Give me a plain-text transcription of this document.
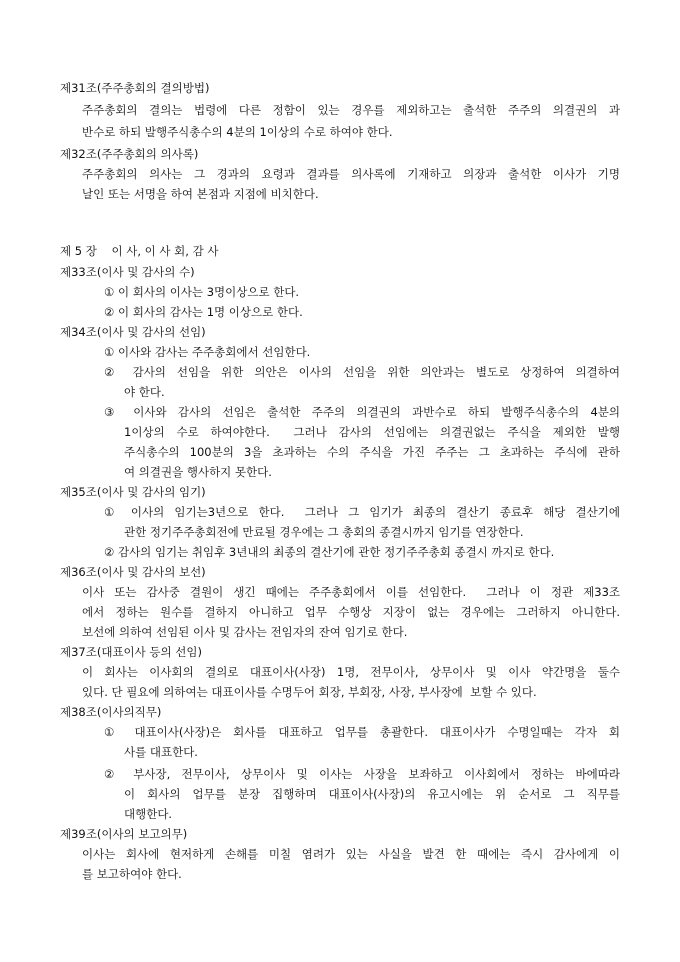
제31조(주주총회의 결의방법)
주주총회의 결의는 법령에 다른 정함이 있는 경우를 제외하고는 출석한 주주의 의결권의 과
반수로 하되 발행주식총수의 4분의 1이상의 수로 하여야 한다.
제32조(주주총회의 의사록)
주주총회의 의사는 그 경과의 요령과 결과를 의사록에 기재하고 의장과 출석한 이사가 기명
날인 또는 서명을 하여 본점과 지점에 비치한다.
제 5 장    이 사, 이 사 회, 감 사
제33조(이사 및 감사의 수)
① 이 회사의 이사는 3명이상으로 한다.
② 이 회사의 감사는 1명 이상으로 한다.
제34조(이사 및 감사의 선임)
① 이사와 감사는 주주총회에서 선임한다.
② 감사의 선임을 위한 의안은 이사의 선임을 위한 의안과는 별도로 상정하여 의결하여
야 한다.
③ 이사와 감사의 선임은 출석한 주주의 의결권의 과반수로 하되 발행주식총수의 4분의
1이상의 수로 하여야한다.  그러나 감사의 선임에는 의결권없는 주식을 제외한 발행
주식총수의 100분의 3을 초과하는 수의 주식을 가진 주주는 그 초과하는 주식에 관하
여 의결권을 행사하지 못한다.
제35조(이사 및 감사의 임기)
① 이사의 임기는3년으로 한다.  그러나 그 임기가 최종의 결산기 종료후 해당 결산기에
관한 정기주주총회전에 만료될 경우에는 그 총회의 종결시까지 임기를 연장한다.
② 감사의 임기는 취임후 3년내의 최종의 결산기에 관한 정기주주총회 종결시 까지로 한다.
제36조(이사 및 감사의 보선)
이사 또는 감사중 결원이 생긴 때에는 주주총회에서 이를 선임한다.  그러나 이 정관 제33조
에서 정하는 원수를 결하지 아니하고 업무 수행상 지장이 없는 경우에는 그러하지 아니한다.
보선에 의하여 선임된 이사 및 감사는 전임자의 잔여 임기로 한다.
제37조(대표이사 등의 선임)
이 회사는 이사회의 결의로 대표이사(사장) 1명, 전무이사, 상무이사 및 이사 약간명을 둘수
있다. 단 필요에 의하여는 대표이사를 수명두어 회장, 부회장, 사장, 부사장에  보할 수 있다.
제38조(이사의직무)
① 대표이사(사장)은 회사를 대표하고 업무를 총괄한다. 대표이사가 수명일때는 각자 회
사를 대표한다.
② 부사장, 전무이사, 상무이사 및 이사는 사장을 보좌하고 이사회에서 정하는 바에따라
이 회사의 업무를 분장 집행하며 대표이사(사장)의 유고시에는 위 순서로 그 직무를
대행한다.
제39조(이사의 보고의무)
이사는 회사에 현저하게 손해를 미칠 염려가 있는 사실을 발견 한 때에는 즉시 감사에게 이
를 보고하여야 한다.
